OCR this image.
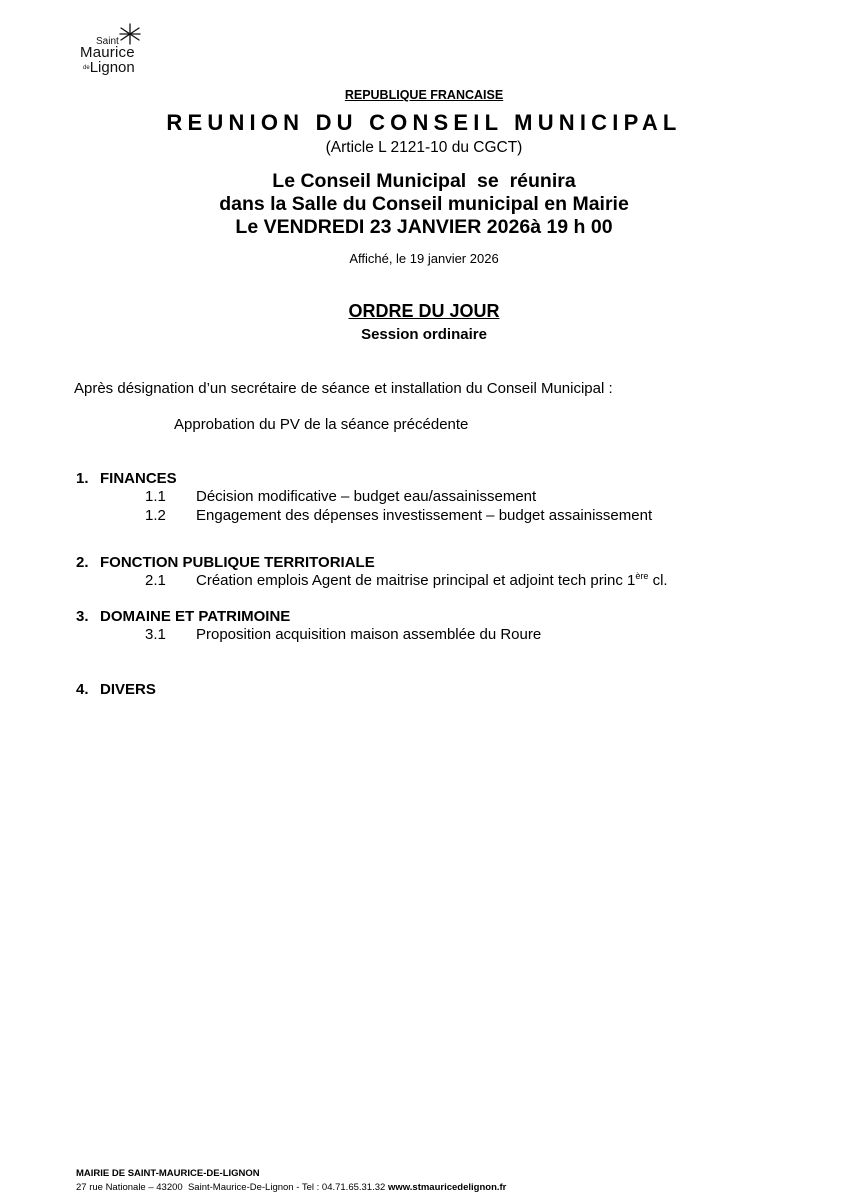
Saint
Maurice
$^{de}$Lignon
REPUBLIQUE FRANCAISE
REUNION DU CONSEIL MUNICIPAL
(Article L 2121-10 du CGCT)
Le Conseil Municipal  se  réunira
dans la Salle du Conseil municipal en Mairie
Le VENDREDI 23 JANVIER 2026à 19 h 00
Affiché, le 19 janvier 2026
ORDRE DU JOUR
Session ordinaire
Après désignation d’un secrétaire de séance et installation du Conseil Municipal :
Approbation du PV de la séance précédente
1. FINANCES
1.1 Décision modificative – budget eau/assainissement
1.2 Engagement des dépenses investissement – budget assainissement
2. FONCTION PUBLIQUE TERRITORIALE
2.1 Création emplois Agent de maitrise principal et adjoint tech princ 1ère cl.
3. DOMAINE ET PATRIMOINE
3.1 Proposition acquisition maison assemblée du Roure
4. DIVERS
MAIRIE DE SAINT-MAURICE-DE-LIGNON
27 rue Nationale – 43200  Saint-Maurice-De-Lignon - Tel : 04.71.65.31.32 www.stmauricedelignon.fr
